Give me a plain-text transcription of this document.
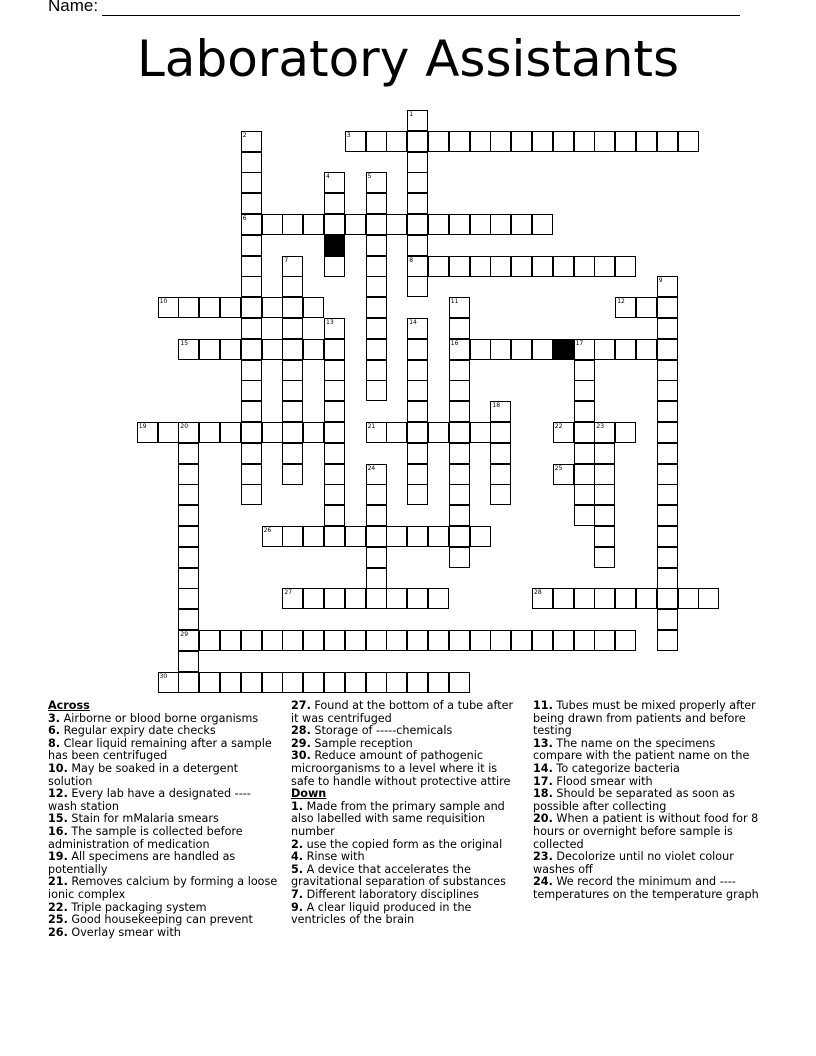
Name:
Laboratory Assistants
1
8
2
6
3
4	5
7
9
10	11
16
12
13	14
15	17
18
19	20
29
21	22	23
24	25
26
27	28
30
Across
3. Airborne or blood borne organisms
6. Regular expiry date checks
8. Clear liquid remaining after a sample has been centrifuged
10. May be soaked in a detergent solution
12. Every lab have a designated ---- wash station
15. Stain for mMalaria smears
16. The sample is collected before administration of medication
19. All specimens are handled as potentially
21. Removes calcium by forming a loose ionic complex
22. Triple packaging system
25. Good housekeeping can prevent
26. Overlay smear with
27. Found at the bottom of a tube after it was centrifuged
28. Storage of -----chemicals
29. Sample reception
30. Reduce amount of pathogenic microorganisms to a level where it is safe to handle without protective attire
Down
1. Made from the primary sample and also labelled with same requisition number
2. use the copied form as the original
4. Rinse with
5. A device that accelerates the gravitational separation of substances
7. Different laboratory disciplines
9. A clear liquid produced in the ventricles of the brain
11. Tubes must be mixed properly after being drawn from patients and before testing
13. The name on the specimens compare with the patient name on the
14. To categorize bacteria
17. Flood smear with
18. Should be separated as soon as possible after collecting
20. When a patient is without food for 8 hours or overnight before sample is collected
23. Decolorize until no violet colour washes off
24. We record the minimum and ----temperatures on the temperature graph
